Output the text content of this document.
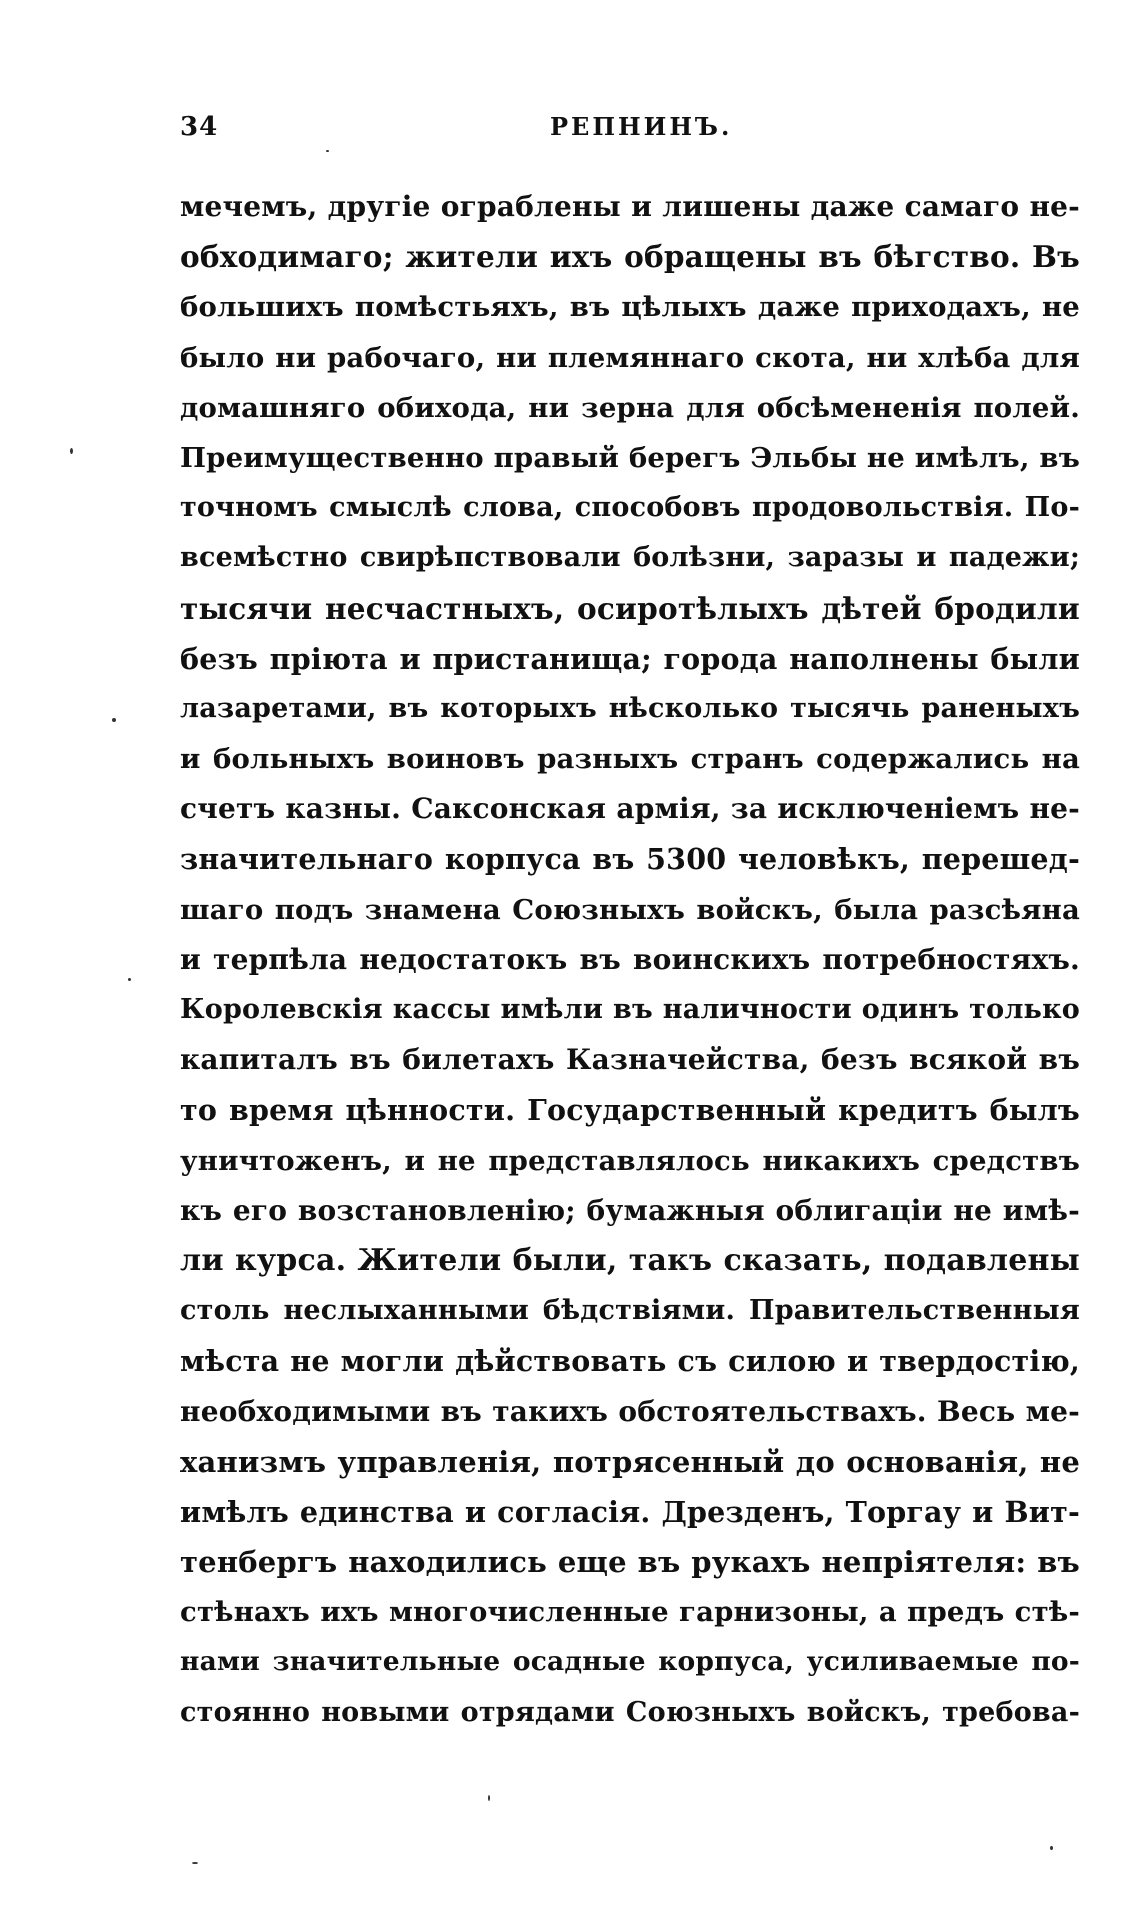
34	РЕПНИНЪ.
мечемъ, другіе ограблены и лишены даже самаго не-
обходимаго; жители ихъ обращены въ бѣгство. Въ
большихъ помѣстьяхъ, въ цѣлыхъ даже приходахъ, не
было ни рабочаго, ни племяннаго скота, ни хлѣба для
домашняго обихода, ни зерна для обсѣмененія полей.
Преимущественно правый берегъ Эльбы не имѣлъ, въ
точномъ смыслѣ слова, способовъ продовольствія. По-
всемѣстно свирѣпствовали болѣзни, заразы и падежи;
тысячи несчастныхъ, осиротѣлыхъ дѣтей бродили
безъ пріюта и пристанища; города наполнены были
лазаретами, въ которыхъ нѣсколько тысячь раненыхъ
и больныхъ воиновъ разныхъ странъ содержались на
счетъ казны. Саксонская армія, за исключеніемъ не-
значительнаго корпуса въ 5300 человѣкъ, перешед-
шаго подъ знамена Союзныхъ войскъ, была разсѣяна
и терпѣла недостатокъ въ воинскихъ потребностяхъ.
Королевскія кассы имѣли въ наличности одинъ только
капиталъ въ билетахъ Казначейства, безъ всякой въ
то время цѣнности. Государственный кредитъ былъ
уничтоженъ, и не представлялось никакихъ средствъ
къ его возстановленію; бумажныя облигаціи не имѣ-
ли курса. Жители были, такъ сказать, подавлены
столь неслыханными бѣдствіями. Правительственныя
мѣста не могли дѣйствовать съ силою и твердостію,
необходимыми въ такихъ обстоятельствахъ. Весь ме-
ханизмъ управленія, потрясенный до основанія, не
имѣлъ единства и согласія. Дрезденъ, Торгау и Вит-
тенбергъ находились еще въ рукахъ непріятеля: въ
стѣнахъ ихъ многочисленные гарнизоны, а предъ стѣ-
нами значительные осадные корпуса, усиливаемые по-
стоянно новыми отрядами Союзныхъ войскъ, требова-
